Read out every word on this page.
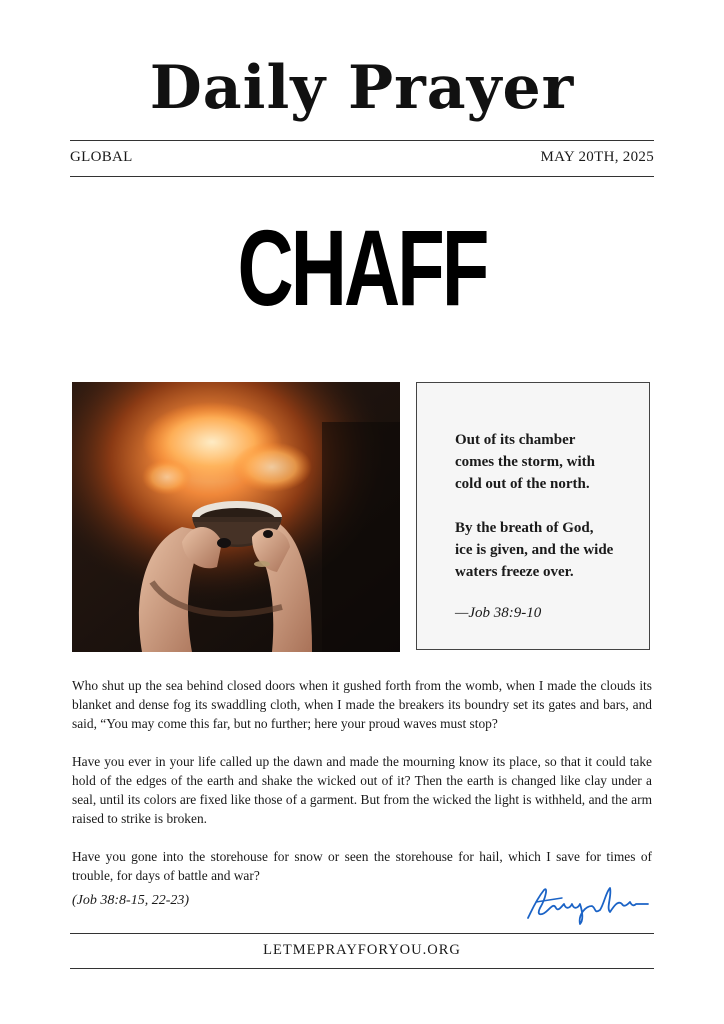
Daily Prayer
GLOBAL	MAY 20TH, 2025
CHAFF
Out of its chamber
comes the storm, with
cold out of the north.
By the breath of God,
ice is given, and the wide
waters freeze over.
—Job 38:9-10

Who shut up the sea behind closed doors when it gushed forth from the womb, when I made the clouds its blanket and dense fog its swaddling cloth, when I made the breakers its boundry set its gates and bars, and said, “You may come this far, but no further; here your proud waves must stop?

Have you ever in your life called up the dawn and made the mourning know its place, so that it could take hold of the edges of the earth and shake the wicked out of it? Then the earth is changed like clay under a seal, until its colors are fixed like those of a garment. But from the wicked the light is withheld, and the arm raised to strike is broken.

Have you gone into the storehouse for snow or seen the storehouse for hail, which I save for times of trouble, for days of battle and war?

(Job 38:8-15, 22-23)
LETMEPRAYFORYOU.ORG
